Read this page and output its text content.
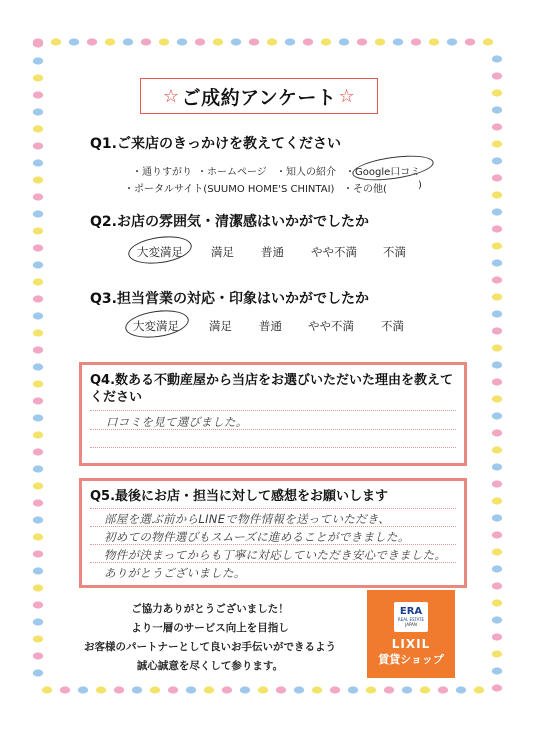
☆ ご成約アンケート ☆
Q1.ご来店のきっかけを教えてください
・通りすがり ・ホームページ ・知人の紹介 ・Google口コミ
・ポータルサイト(SUUMO HOME'S CHINTAI) ・その他(	)
Q2.お店の雰囲気・清潔感はいかがでしたか
大変満足 満足 普通 やや不満 不満
Q3.担当営業の対応・印象はいかがでしたか
大変満足	満足 普通 やや不満 不満
Q4.数ある不動産屋から当店をお選びいただいた理由を教えて
ください
口コミを見て選びました。
Q5.最後にお店・担当に対して感想をお願いします
部屋を選ぶ前からLINEで物件情報を送っていただき、
初めての物件選びもスムーズに進めることができました。
物件が決まってからも丁寧に対応していただき安心できました。
ありがとうございました。
ご協力ありがとうございました！
より一層のサービス向上を目指し
お客様のパートナーとして良いお手伝いができるよう
誠心誠意を尽くして参ります。
ERA
REAL ESTATE
JAPAN
LIXIL
賃貸ショップ
